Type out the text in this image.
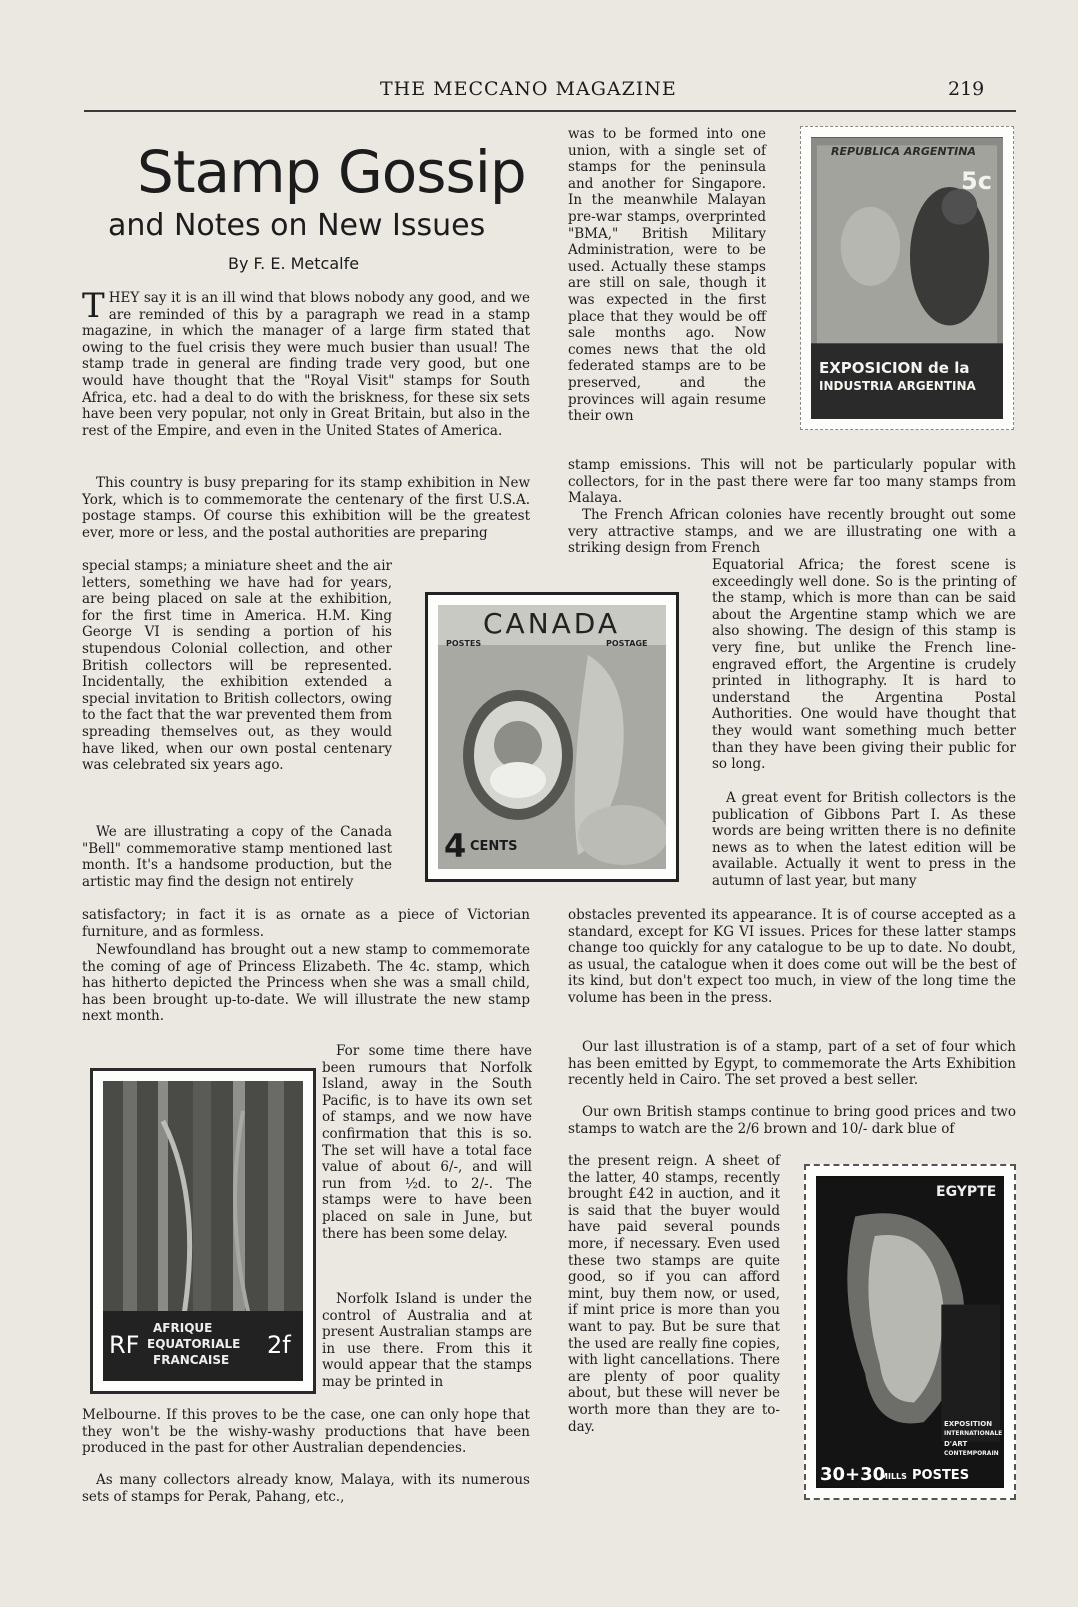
THE MECCANO MAGAZINE	219
Stamp Gossip
and Notes on New Issues
By F. E. Metcalfe

THEY say it is an ill wind that blows nobody any good, and we are reminded of this by a paragraph we read in a stamp magazine, in which the manager of a large firm stated that owing to the fuel crisis they were much busier than usual! The stamp trade in general are finding trade very good, but one would have thought that the "Royal Visit" stamps for South Africa, etc. had a deal to do with the briskness, for these six sets have been very popular, not only in Great Britain, but also in the rest of the Empire, and even in the United States of America.

This country is busy preparing for its stamp exhibition in New York, which is to commemorate the centenary of the first U.S.A. postage stamps. Of course this exhibition will be the greatest ever, more or less, and the postal authorities are preparing

special stamps; a miniature sheet and the air letters, something we have had for years, are being placed on sale at the exhibition, for the first time in America. H.M. King George VI is sending a portion of his stupendous Colonial collection, and other British collectors will be represented. Incidentally, the exhibition extended a special invitation to British collectors, owing to the fact that the war prevented them from spreading themselves out, as they would have liked, when our own postal centenary was celebrated six years ago.

We are illustrating a copy of the Canada "Bell" commemorative stamp mentioned last month. It's a handsome production, but the artistic may find the design not entirely

satisfactory; in fact it is as ornate as a piece of Victorian furniture, and as formless.

Newfoundland has brought out a new stamp to commemorate the coming of age of Princess Elizabeth. The 4c. stamp, which has hitherto depicted the Princess when she was a small child, has been brought up-to-date. We will illustrate the new stamp next month.

For some time there have been rumours that Norfolk Island, away in the South Pacific, is to have its own set of stamps, and we now have confirmation that this is so. The set will have a total face value of about 6/-, and will run from ½d. to 2/-. The stamps were to have been placed on sale in June, but there has been some delay.

Norfolk Island is under the control of Australia and at present Australian stamps are in use there. From this it would appear that the stamps may be printed in

Melbourne. If this proves to be the case, one can only hope that they won't be the wishy-washy productions that have been produced in the past for other Australian dependencies.

As many collectors already know, Malaya, with its numerous sets of stamps for Perak, Pahang, etc.,

was to be formed into one union, with a single set of stamps for the peninsula and another for Singapore. In the meanwhile Malayan pre-war stamps, overprinted "BMA," British Military Administration, were to be used. Actually these stamps are still on sale, though it was expected in the first place that they would be off sale months ago. Now comes news that the old federated stamps are to be preserved, and the provinces will again resume their own

stamp emissions. This will not be particularly popular with collectors, for in the past there were far too many stamps from Malaya.

The French African colonies have recently brought out some very attractive stamps, and we are illustrating one with a striking design from French

Equatorial Africa; the forest scene is exceedingly well done. So is the printing of the stamp, which is more than can be said about the Argentine stamp which we are also showing. The design of this stamp is very fine, but unlike the French line-engraved effort, the Argentine is crudely printed in lithography. It is hard to understand the Argentina Postal Authorities. One would have thought that they would want something much better than they have been giving their public for so long.

A great event for British collectors is the publication of Gibbons Part I. As these words are being written there is no definite news as to when the latest edition will be available. Actually it went to press in the autumn of last year, but many

obstacles prevented its appearance. It is of course accepted as a standard, except for KG VI issues. Prices for these latter stamps change too quickly for any catalogue to be up to date. No doubt, as usual, the catalogue when it does come out will be the best of its kind, but don't expect too much, in view of the long time the volume has been in the press.

Our last illustration is of a stamp, part of a set of four which has been emitted by Egypt, to commemorate the Arts Exhibition recently held in Cairo. The set proved a best seller.

Our own British stamps continue to bring good prices and two stamps to watch are the 2/6 brown and 10/- dark blue of

the present reign. A sheet of the latter, 40 stamps, recently brought £42 in auction, and it is said that the buyer would have paid several pounds more, if necessary. Even used these two stamps are quite good, so if you can afford mint, buy them now, or used, if mint price is more than you want to pay. But be sure that the used are really fine copies, with light cancellations. There are plenty of poor quality about, but these will never be worth more than they are to-day.

REPUBLICA ARGENTINA
5c
EXPOSICION de la
INDUSTRIA ARGENTINA
CANADA
POSTES	POSTAGE
4 CENTS
AFRIQUE
EQUATORIALE
FRANCAISE
RF	2f
EGYPTE
EXPOSITION
INTERNATIONALE
D'ART
CONTEMPORAIN
30+30
MILLS POSTES
